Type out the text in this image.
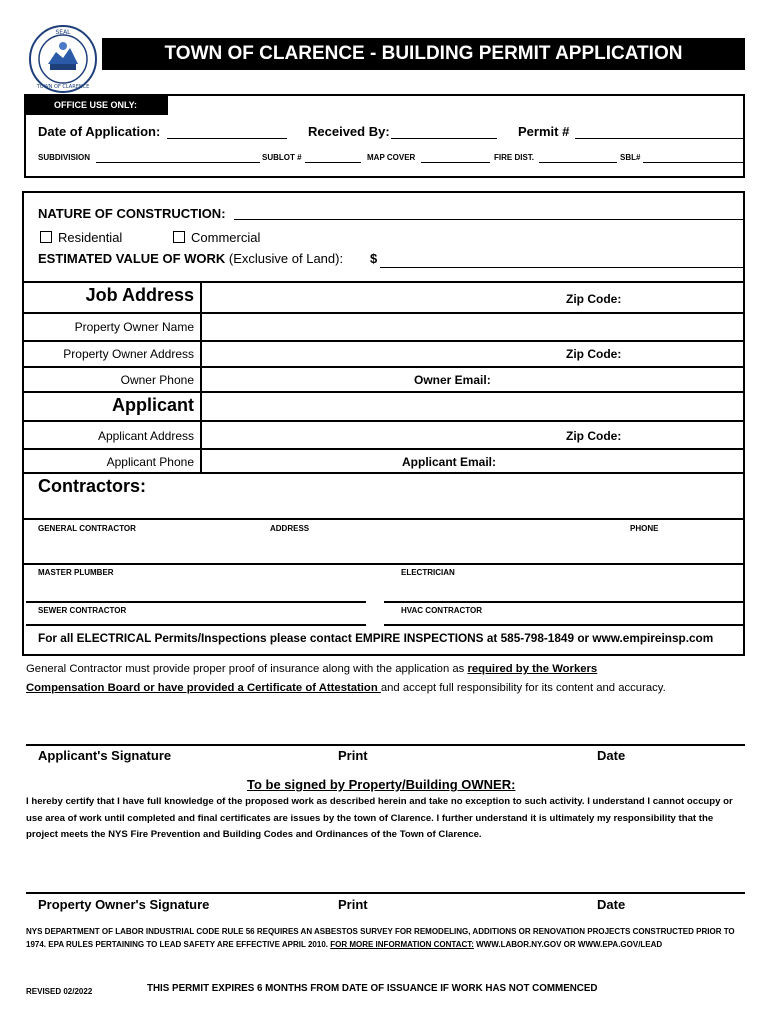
SEAL
TOWN OF CLARENCE
TOWN OF CLARENCE - BUILDING PERMIT APPLICATION
OFFICE USE ONLY:
Date of Application:	Received By:	Permit #
SUBDIVISION	SUBLOT #	MAP COVER	FIRE DIST.	SBL#
NATURE OF CONSTRUCTION:
Residential	Commercial
ESTIMATED VALUE OF WORK (Exclusive of Land): $
Job Address	Zip Code:
Property Owner Name
Property Owner Address	Zip Code:
Owner Phone	Owner Email:
Applicant
Applicant Address	Zip Code:
Applicant Phone	Applicant Email:
Contractors:
GENERAL CONTRACTOR	ADDRESS	PHONE
MASTER PLUMBER	ELECTRICIAN
SEWER CONTRACTOR	HVAC CONTRACTOR
For all ELECTRICAL Permits/Inspections please contact EMPIRE INSPECTIONS at 585-798-1849 or www.empireinsp.com
General Contractor must provide proper proof of insurance along with the application as required by the Workers
Compensation Board or have provided a Certificate of Attestation and accept full responsibility for its content and accuracy.
Applicant's Signature	Print	Date
To be signed by Property/Building OWNER:
I hereby certify that I have full knowledge of the proposed work as described herein and take no exception to such activity. I understand I cannot occupy or use area of work until completed and final certificates are issues by the town of Clarence. I further understand it is ultimately my responsibility that the project meets the NYS Fire Prevention and Building Codes and Ordinances of the Town of Clarence.
Property Owner's Signature	Print	Date
NYS DEPARTMENT OF LABOR INDUSTRIAL CODE RULE 56 REQUIRES AN ASBESTOS SURVEY FOR REMODELING, ADDITIONS OR RENOVATION PROJECTS CONSTRUCTED PRIOR TO 1974. EPA RULES PERTAINING TO LEAD SAFETY ARE EFFECTIVE APRIL 2010. FOR MORE INFORMATION CONTACT: WWW.LABOR.NY.GOV OR WWW.EPA.GOV/LEAD
REVISED 02/2022	THIS PERMIT EXPIRES 6 MONTHS FROM DATE OF ISSUANCE IF WORK HAS NOT COMMENCED
